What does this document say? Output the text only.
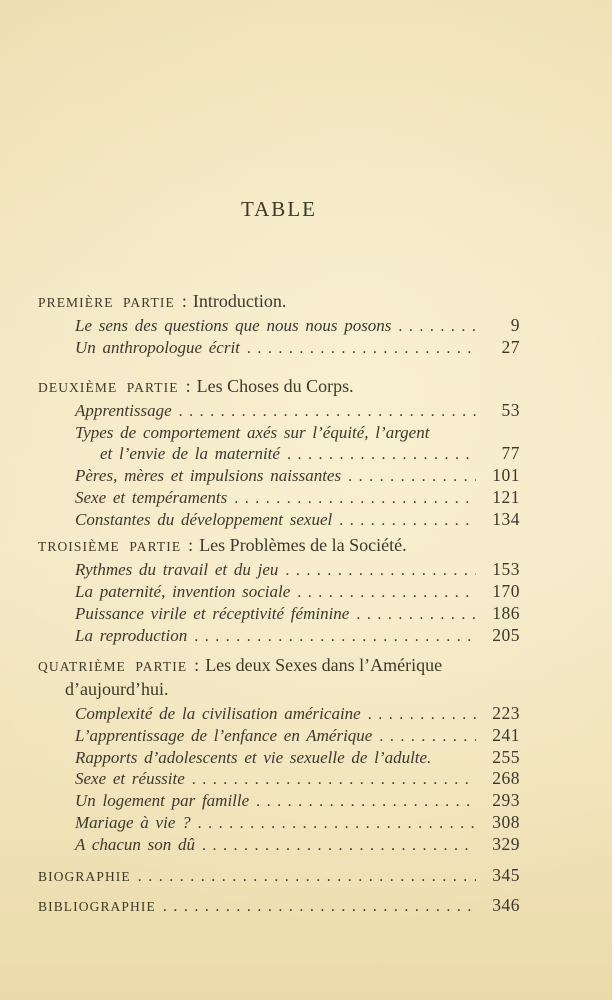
TABLE
PREMIÈRE PARTIE : Introduction.
Le sens des questions que nous nous posons .....	9
Un anthropologue écrit .....	27
DEUXIÈME PARTIE : Les Choses du Corps.
Apprentissage .....	53
Types de comportement axés sur l’équité, l’argent
et l’envie de la maternité .....	77
Pères, mères et impulsions naissantes .....	101
Sexe et tempéraments .....	121
Constantes du développement sexuel .....	134
TROISIÈME PARTIE : Les Problèmes de la Société.
Rythmes du travail et du jeu .....	153
La paternité, invention sociale .....	170
Puissance virile et réceptivité féminine .....	186
La reproduction .....	205
QUATRIÈME PARTIE : Les deux Sexes dans l’Amérique
d’aujourd’hui.
Complexité de la civilisation américaine .....	223
L’apprentissage de l’enfance en Amérique .....	241
Rapports d’adolescents et vie sexuelle de l’adulte.	255
Sexe et réussite .....	268
Un logement par famille .....	293
Mariage à vie ? .....	308
A chacun son dû .....	329
BIOGRAPHIE .....	345
BIBLIOGRAPHIE .....	346
